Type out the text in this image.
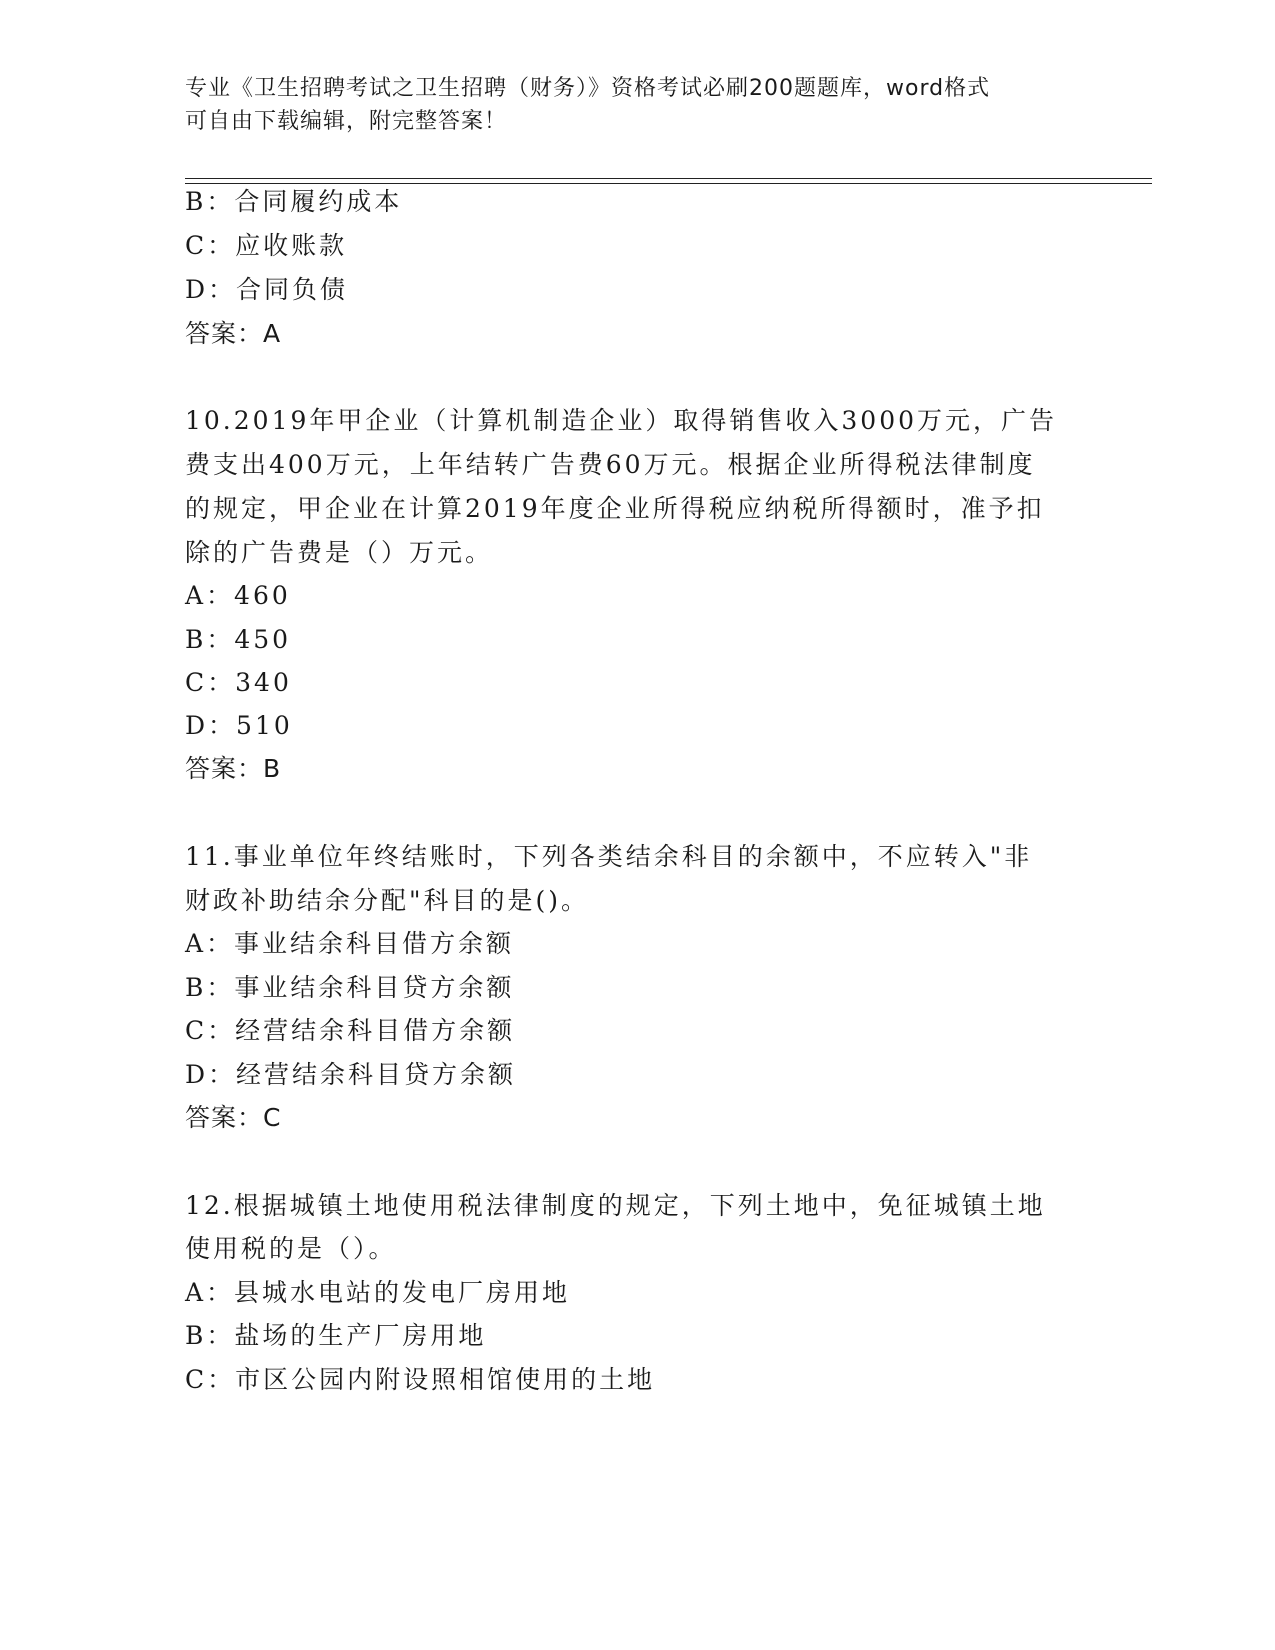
专业《卫生招聘考试之卫生招聘（财务）》资格考试必刷200题题库，word格式
可自由下载编辑，附完整答案！
B：合同履约成本
C：应收账款
D：合同负债
答案：A
10.2019年甲企业（计算机制造企业）取得销售收入3000万元，广告
费支出400万元，上年结转广告费60万元。根据企业所得税法律制度
的规定，甲企业在计算2019年度企业所得税应纳税所得额时，准予扣
除的广告费是（）万元。
A：460
B：450
C：340
D：510
答案：B
11.事业单位年终结账时，下列各类结余科目的余额中，不应转入"非
财政补助结余分配"科目的是()。
A：事业结余科目借方余额
B：事业结余科目贷方余额
C：经营结余科目借方余额
D：经营结余科目贷方余额
答案：C
12.根据城镇土地使用税法律制度的规定，下列土地中，免征城镇土地
使用税的是（）。
A：县城水电站的发电厂房用地
B：盐场的生产厂房用地
C：市区公园内附设照相馆使用的土地
